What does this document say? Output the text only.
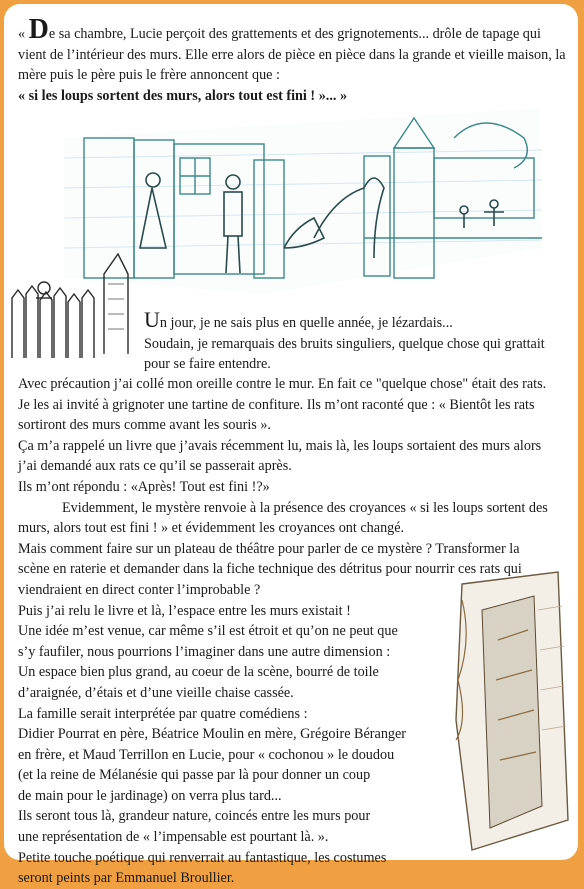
« De sa chambre, Lucie perçoit des grattements et des grignotements... drôle de tapage qui vient de l’intérieur des murs. Elle erre alors de pièce en pièce dans la grande et vieille maison, la mère puis le père puis le frère annoncent que :
« si les loups sortent des murs, alors tout est fini ! »... »
Un jour, je ne sais plus en quelle année, je lézardais...
Soudain, je remarquais des bruits singuliers, quelque chose qui grattait
pour se faire entendre.
Avec précaution j’ai collé mon oreille contre le mur. En fait ce "quelque chose" était des rats.
Je les ai invité à grignoter une tartine de confiture. Ils m’ont raconté que : « Bientôt les rats
sortiront des murs comme avant les souris ».
Ça m’a rappelé un livre que j’avais récemment lu, mais là, les loups sortaient des murs alors
j’ai demandé aux rats ce qu’il se passerait après.
Ils m’ont répondu : «Après! Tout est fini !?»
Evidemment, le mystère renvoie à la présence des croyances « si les loups sortent des
murs, alors tout est fini ! » et évidemment les croyances ont changé.
Mais comment faire sur un plateau de théâtre pour parler de ce mystère ? Transformer la
scène en raterie et demander dans la fiche technique des détritus pour nourrir ces rats qui
viendraient en direct conter l’improbable ?
Puis j’ai relu le livre et là, l’espace entre les murs existait !
Une idée m’est venue, car même s’il est étroit et qu’on ne peut que
s’y faufiler, nous pourrions l’imaginer dans une autre dimension :
Un espace bien plus grand, au coeur de la scène, bourré de toile
d’araignée, d’étais et d’une vieille chaise cassée.
La famille serait interprétée par quatre comédiens :
Didier Pourrat en père, Béatrice Moulin en mère, Grégoire Béranger
en frère, et Maud Terrillon en Lucie, pour « cochonou » le doudou
(et la reine de Mélanésie qui passe par là pour donner un coup
de main pour le jardinage) on verra plus tard...
Ils seront tous là, grandeur nature, coincés entre les murs pour
une représentation de « l’impensable est pourtant là. ».
Petite touche poétique qui renverrait au fantastique, les costumes
seront peints par Emmanuel Broullier.
